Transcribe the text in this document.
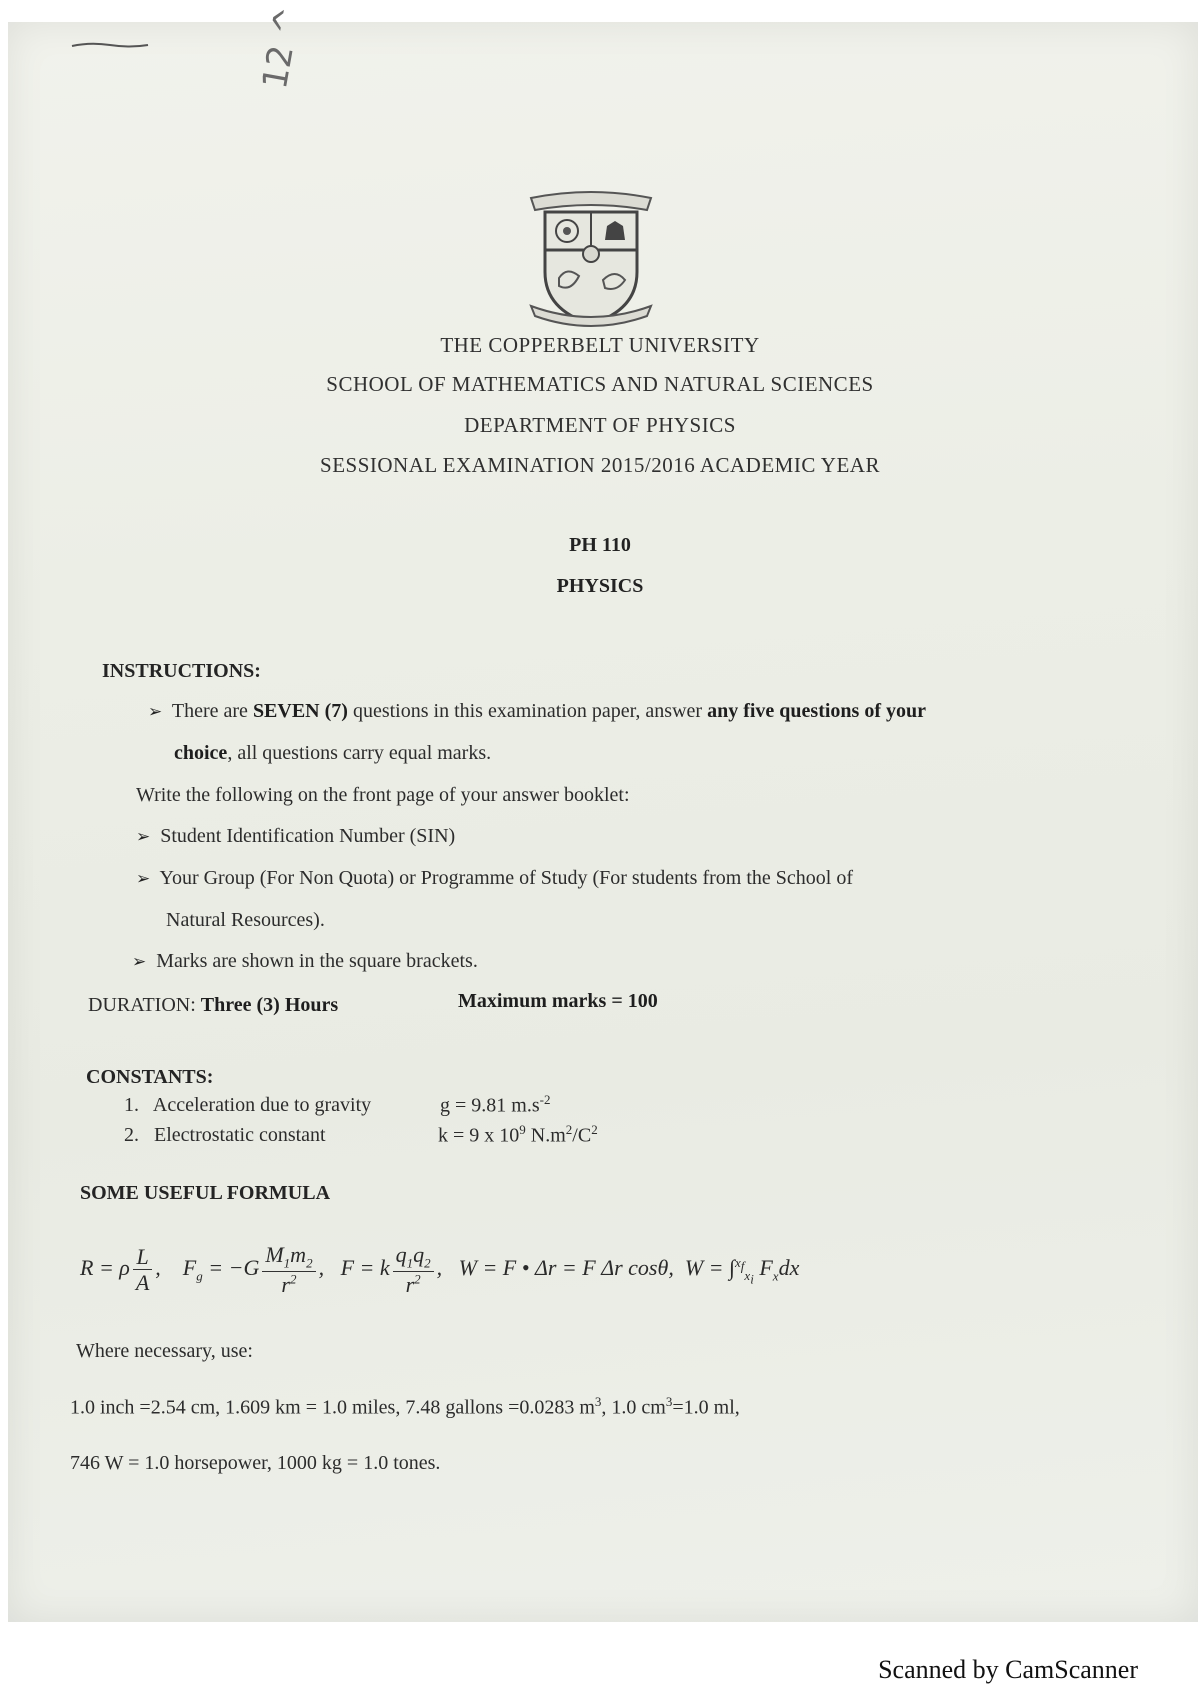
12 ^
THE COPPERBELT UNIVERSITY
SCHOOL OF MATHEMATICS AND NATURAL SCIENCES
DEPARTMENT OF PHYSICS
SESSIONAL EXAMINATION 2015/2016 ACADEMIC YEAR
PH 110
PHYSICS
INSTRUCTIONS:
➢ There are SEVEN (7) questions in this examination paper, answer any five questions of your
choice, all questions carry equal marks.
Write the following on the front page of your answer booklet:
➢ Student Identification Number (SIN)
➢ Your Group (For Non Quota) or Programme of Study (For students from the School of
Natural Resources).
➢ Marks are shown in the square brackets.
DURATION: Three (3) Hours	Maximum marks = 100
CONSTANTS:
1. Acceleration due to gravity	g = 9.81 $m.s^{-2}$
2. Electrostatic constant	k = 9 x $10^9$ $N.m^2/C^2$
SOME USEFUL FORMULA
R = ρ $\frac{L}{A}$ ,    $F_g = -G \frac{M_1m_2}{r^2}$ ,   F = k $\frac{q_1q_2}{r^2}$ ,   W = F • Δr = F Δr cosθ,  W = ∫$^{x_f}_{x_i}$ $F_xdx$
Where necessary, use:
1.0 inch =2.54 cm, 1.609 km = 1.0 miles, 7.48 gallons =0.0283 $m^3$, 1.0 $cm^3=1.0$ ml,
746 W = 1.0 horsepower, 1000 kg = 1.0 tones.
Scanned by CamScanner
